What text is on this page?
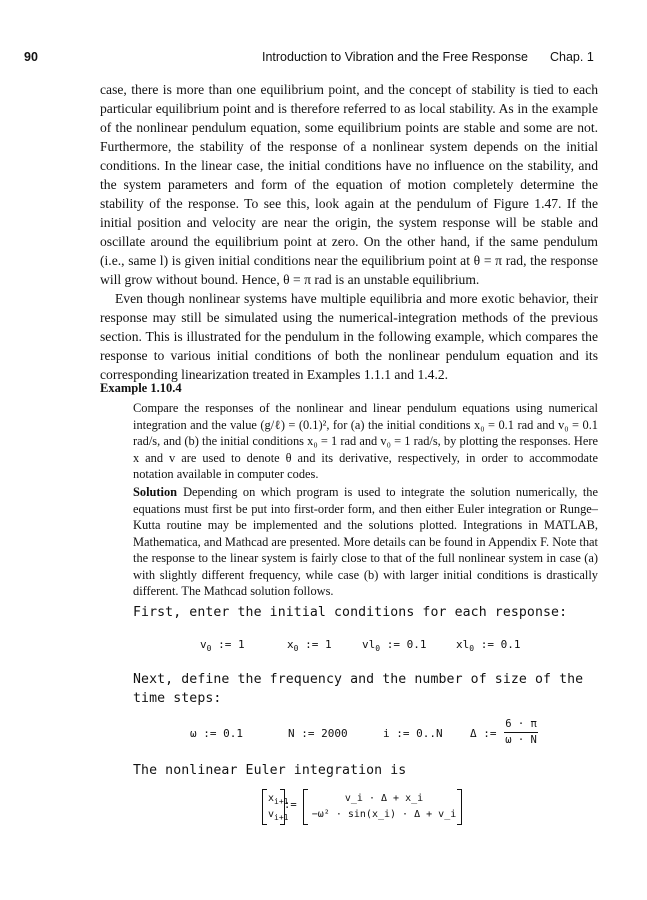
90	Introduction to Vibration and the Free Response Chap. 1

case, there is more than one equilibrium point, and the concept of stability is tied to each particular equilibrium point and is therefore referred to as local stability. As in the example of the nonlinear pendulum equation, some equilibrium points are stable and some are not. Furthermore, the stability of the response of a nonlinear system depends on the initial conditions. In the linear case, the initial conditions have no influence on the stability, and the system parameters and form of the equation of motion completely determine the stability of the response. To see this, look again at the pendulum of Figure 1.47. If the initial position and velocity are near the origin, the system response will be stable and oscillate around the equilibrium point at zero. On the other hand, if the same pendulum (i.e., same l) is given initial conditions near the equilibrium point at θ = π rad, the response will grow without bound. Hence, θ = π rad is an unstable equilibrium.

Even though nonlinear systems have multiple equilibria and more exotic behavior, their response may still be simulated using the numerical-integration methods of the previous section. This is illustrated for the pendulum in the following example, which compares the response to various initial conditions of both the nonlinear pendulum equation and its corresponding linearization treated in Examples 1.1.1 and 1.4.2.

Example 1.10.4

Compare the responses of the nonlinear and linear pendulum equations using numerical integration and the value (g/ℓ) = (0.1)², for (a) the initial conditions x₀ = 0.1 rad and v₀ = 0.1 rad/s, and (b) the initial conditions x₀ = 1 rad and v₀ = 1 rad/s, by plotting the responses. Here x and v are used to denote θ and its derivative, respectively, in order to accommodate notation available in computer codes.

Solution Depending on which program is used to integrate the solution numerically, the equations must first be put into first-order form, and then either Euler integration or Runge–Kutta routine may be implemented and the solutions plotted. Integrations in MATLAB, Mathematica, and Mathcad are presented. More details can be found in Appendix F. Note that the response to the linear system is fairly close to that of the full nonlinear system in case (a) with slightly different frequency, while case (b) with larger initial conditions is drastically different. The Mathcad solution follows.

First, enter the initial conditions for each response:
$v_0$ := 1	$x_0$ := 1	$vl_0$ := 0.1	$xl_0$ := 0.1
Next, define the frequency and the number of size of the time steps:
ω := 0.1	N := 2000	i := 0..N Δ := $\frac{6 \cdot \pi}{\omega \cdot N}$
The nonlinear Euler integration is
$x_{i+1}$
$v_{i+1}$
:=
v_i · Δ + x_i
−ω² · sin(x_i) · Δ + v_i
